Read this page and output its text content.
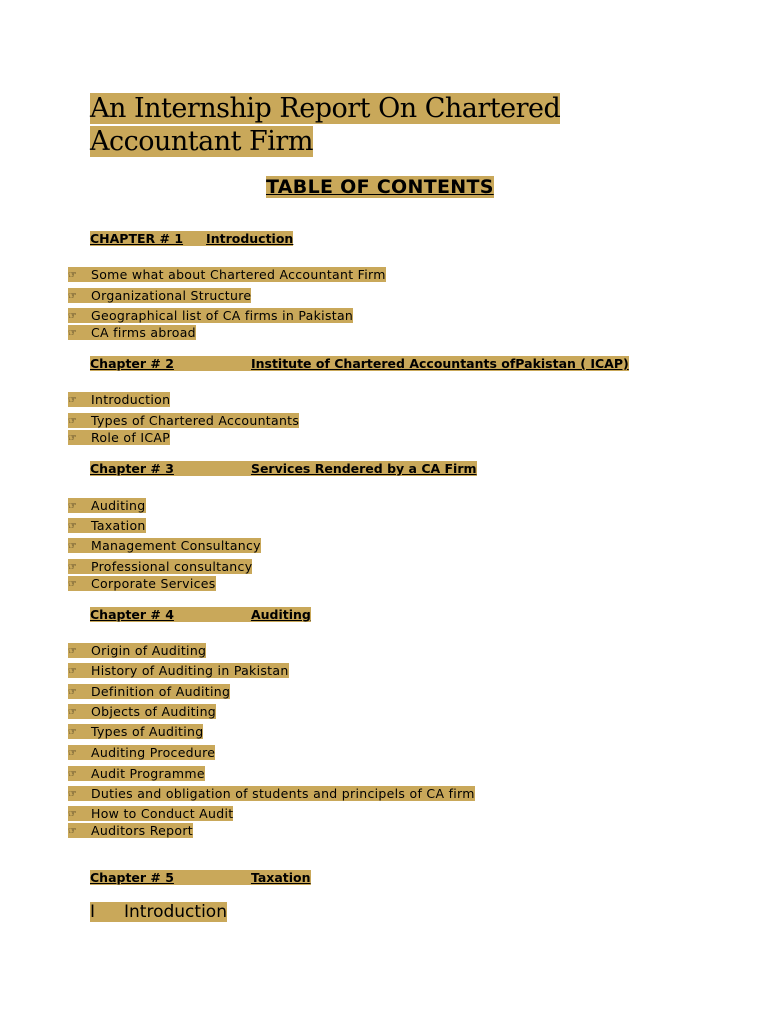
An Internship Report On Chartered
Accountant Firm
TABLE OF CONTENTS
CHAPTER # 1 Introduction
☞ Some what about Chartered Accountant Firm
☞ Organizational Structure
☞ Geographical list of CA firms in Pakistan
☞ CA firms abroad
Chapter # 2	Institute of Chartered Accountants ofPakistan ( ICAP)
☞ Introduction
☞ Types of Chartered Accountants
☞ Role of ICAP
Chapter # 3	Services Rendered by a CA Firm
☞ Auditing
☞ Taxation
☞ Management Consultancy
☞ Professional consultancy
☞ Corporate Services
Chapter # 4	Auditing
☞ Origin of Auditing
☞ History of Auditing in Pakistan
☞ Definition of Auditing
☞ Objects of Auditing
☞ Types of Auditing
☞ Auditing Procedure
☞ Audit Programme
☞ Duties and obligation of students and principels of CA firm
☞ How to Conduct Audit
☞ Auditors Report
Chapter # 5	Taxation
I Introduction
